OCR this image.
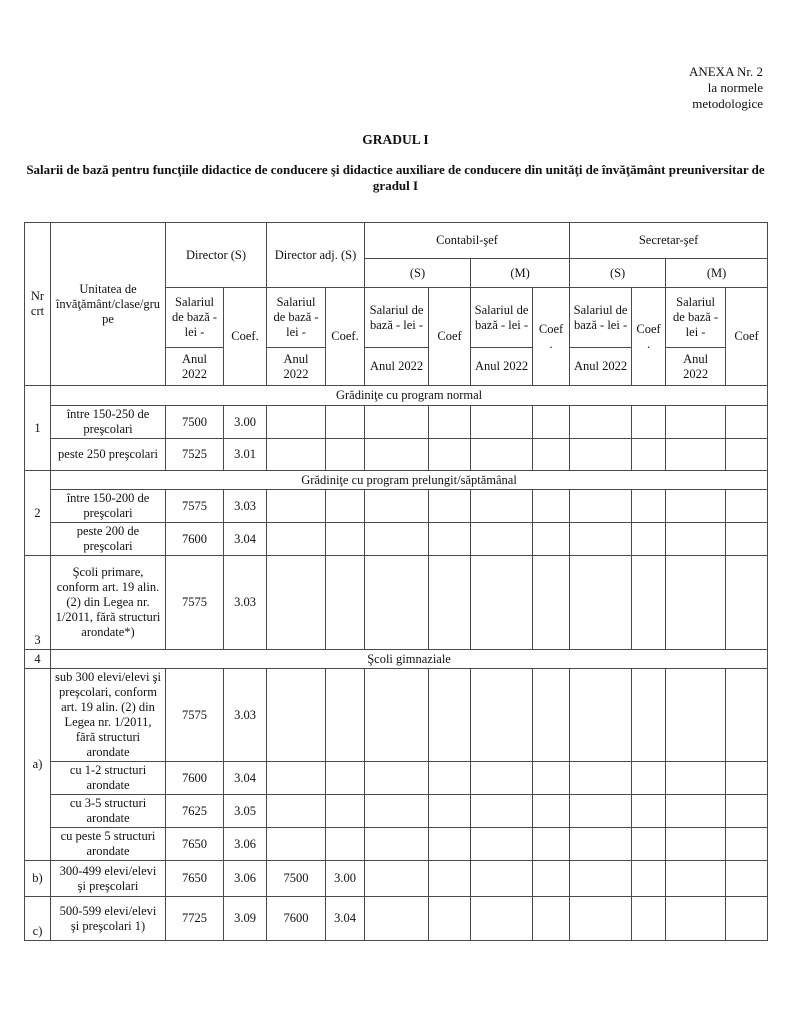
ANEXA Nr. 2
la normele
metodologice
GRADUL I
Salarii de bază pentru funcţiile didactice de conducere şi didactice auxiliare de conducere din unităţi de învăţământ preuniversitar de gradul I
Nr crt	Unitatea de învăţământ/clase/grupe	Director (S)		Director adj. (S)		Contabil-şef				Secretar-şef			
						(S)		(M)		(S)		(M)	
		Salariul de bază - lei -	Coef.	Salariul de bază - lei -	Coef.	Salariul de bază - lei -	Coef	Salariul de bază - lei -	Coef .	Salariul de bază - lei -	Coef .	Salariul de bază - lei -	Coef
		Anul 2022		Anul 2022		Anul 2022		Anul 2022		Anul 2022		Anul 2022	
1	Grădiniţe cu program normal												
	între 150-250 de preşcolari	7500	3.00										
	peste 250 preşcolari	7525	3.01										
2	Grădiniţe cu program prelungit/săptămânal												
	între 150-200 de preşcolari	7575	3.03										
	peste 200 de preşcolari	7600	3.04										
3	Şcoli primare, conform art. 19 alin. (2) din Legea nr. 1/2011, fără structuri arondate*)	7575	3.03										
4	Şcoli gimnaziale												
a)	sub 300 elevi/elevi şi preşcolari, conform art. 19 alin. (2) din Legea nr. 1/2011, fără structuri arondate	7575	3.03										
	cu 1-2 structuri arondate	7600	3.04										
	cu 3-5 structuri arondate	7625	3.05										
	cu peste 5 structuri arondate	7650	3.06										
b)	300-499 elevi/elevi şi preşcolari	7650	3.06	7500	3.00								
c)	500-599 elevi/elevi şi preşcolari 1)	7725	3.09	7600	3.04								
